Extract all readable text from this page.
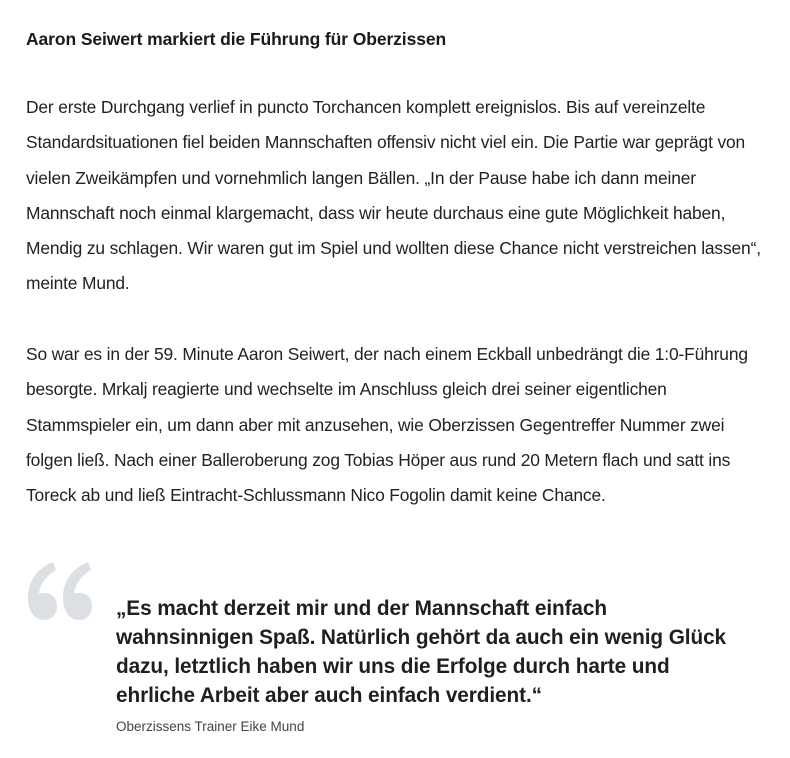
Aaron Seiwert markiert die Führung für Oberzissen

Der erste Durchgang verlief in puncto Torchancen komplett ereignislos. Bis auf vereinzelte Standardsituationen fiel beiden Mannschaften offensiv nicht viel ein. Die Partie war geprägt von vielen Zweikämpfen und vornehmlich langen Bällen. „In der Pause habe ich dann meiner Mannschaft noch einmal klargemacht, dass wir heute durchaus eine gute Möglichkeit haben, Mendig zu schlagen. Wir waren gut im Spiel und wollten diese Chance nicht verstreichen lassen“, meinte Mund.

So war es in der 59. Minute Aaron Seiwert, der nach einem Eckball unbedrängt die 1:0-Führung besorgte. Mrkalj reagierte und wechselte im Anschluss gleich drei seiner eigentlichen Stammspieler ein, um dann aber mit anzusehen, wie Oberzissen Gegentreffer Nummer zwei folgen ließ. Nach einer Balleroberung zog Tobias Höper aus rund 20 Metern flach und satt ins Toreck ab und ließ Eintracht-Schlussmann Nico Fogolin damit keine Chance.

„Es macht derzeit mir und der Mannschaft einfach wahnsinnigen Spaß. Natürlich gehört da auch ein wenig Glück dazu, letztlich haben wir uns die Erfolge durch harte und ehrliche Arbeit aber auch einfach verdient.“

Oberzissens Trainer Eike Mund
